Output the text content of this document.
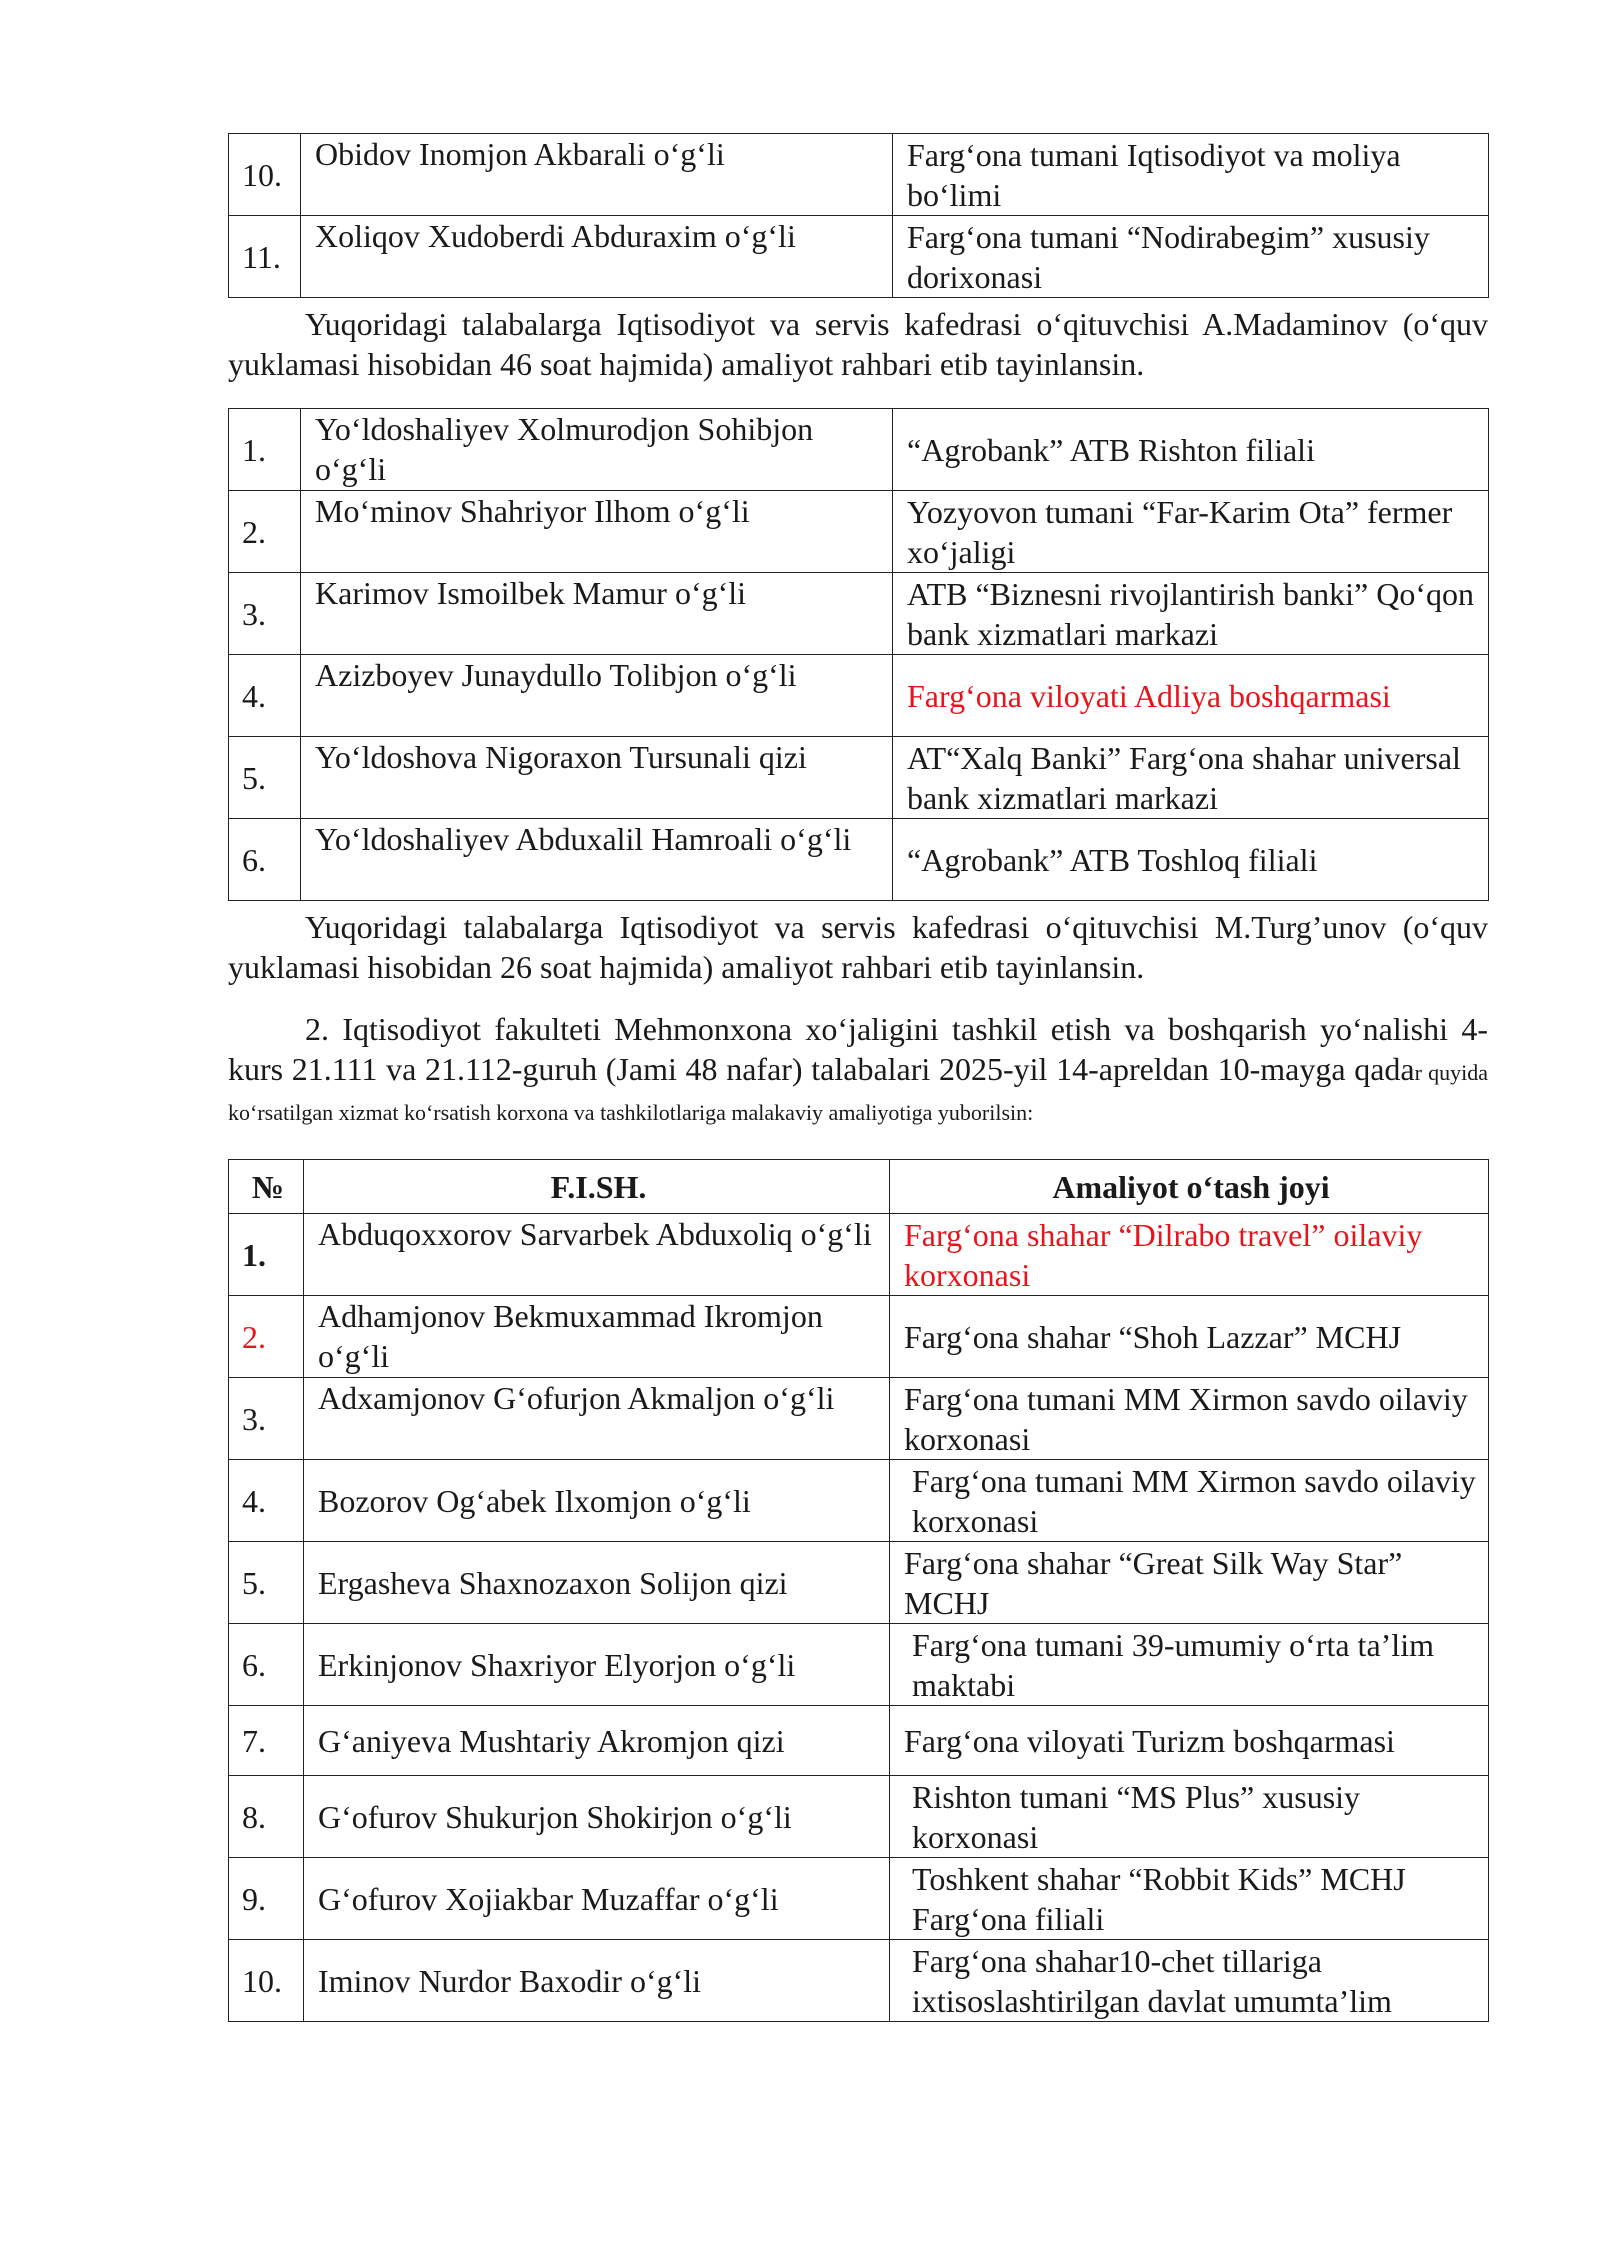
10.	Obidov Inomjon Akbarali o‘g‘li	Farg‘ona tumani Iqtisodiyot va moliya bo‘limi
11.	Xoliqov Xudoberdi Abduraxim o‘g‘li	Farg‘ona tumani “Nodirabegim” xususiy dorixonasi

Yuqoridagi talabalarga Iqtisodiyot va servis kafedrasi o‘qituvchisi A.Madaminov (o‘quv yuklamasi hisobidan 46 soat hajmida) amaliyot rahbari etib tayinlansin.

1.	Yo‘ldoshaliyev Xolmurodjon Sohibjon o‘g‘li	“Agrobank” ATB Rishton filiali
2.	Mo‘minov Shahriyor Ilhom o‘g‘li	Yozyovon tumani “Far-Karim Ota” fermer xo‘jaligi
3.	Karimov Ismoilbek Mamur o‘g‘li	ATB “Biznesni rivojlantirish banki” Qo‘qon bank xizmatlari markazi
4.	Azizboyev Junaydullo Tolibjon o‘g‘li	Farg‘ona viloyati Adliya boshqarmasi
5.	Yo‘ldoshova Nigoraxon Tursunali qizi	AT“Xalq Banki” Farg‘ona shahar universal bank xizmatlari markazi
6.	Yo‘ldoshaliyev Abduxalil Hamroali o‘g‘li	“Agrobank” ATB Toshloq filiali

Yuqoridagi talabalarga Iqtisodiyot va servis kafedrasi o‘qituvchisi M.Turg’unov (o‘quv yuklamasi hisobidan 26 soat hajmida) amaliyot rahbari etib tayinlansin.

2. Iqtisodiyot fakulteti Mehmonxona xo‘jaligini tashkil etish va boshqarish yo‘nalishi 4-kurs 21.111 va 21.112-guruh (Jami 48 nafar) talabalari 2025-yil 14-apreldan 10-mayga qadar quyida ko‘rsatilgan xizmat ko‘rsatish korxona va tashkilotlariga malakaviy amaliyotiga yuborilsin:

№	F.I.SH.	Amaliyot o‘tash joyi
1.	Abduqoxxorov Sarvarbek Abduxoliq o‘g‘li	Farg‘ona shahar “Dilrabo travel” oilaviy korxonasi
2.	Adhamjonov Bekmuxammad Ikromjon o‘g‘li	Farg‘ona shahar “Shoh Lazzar” MCHJ
3.	Adxamjonov G‘ofurjon Akmaljon o‘g‘li	Farg‘ona tumani MM Xirmon savdo oilaviy korxonasi
4.	Bozorov Og‘abek Ilxomjon o‘g‘li	Farg‘ona tumani MM Xirmon savdo oilaviy korxonasi
5.	Ergasheva Shaxnozaxon Solijon qizi	Farg‘ona shahar “Great Silk Way Star” MCHJ
6.	Erkinjonov Shaxriyor Elyorjon o‘g‘li	Farg‘ona tumani 39-umumiy o‘rta ta’lim maktabi
7.	G‘aniyeva Mushtariy Akromjon qizi	Farg‘ona viloyati Turizm boshqarmasi
8.	G‘ofurov Shukurjon Shokirjon o‘g‘li	Rishton tumani “MS Plus” xususiy korxonasi
9.	G‘ofurov Xojiakbar Muzaffar o‘g‘li	Toshkent shahar “Robbit Kids” MCHJ Farg‘ona filiali
10.	Iminov Nurdor Baxodir o‘g‘li	Farg‘ona shahar10-chet tillariga ixtisoslashtirilgan davlat umumta’lim
